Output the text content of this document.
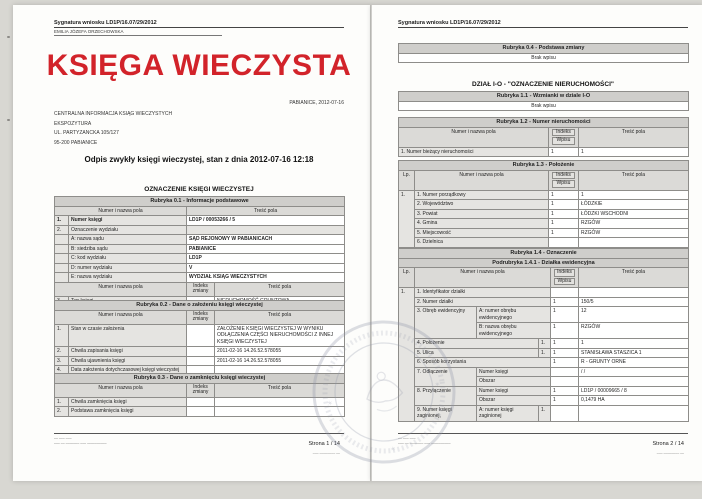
Sygnatura wniosku LD1P/16.07/29/2012
EMILIA JÓZEFA ORZECHOWSKA
KSIĘGA WIECZYSTA
PABIANICE, 2012-07-16
CENTRALNA INFORMACJA KSIĄG WIECZYSTYCH
EKSPOZYTURA
UL. PARTYZANCKA 105/127
95-200 PABIANICE
Odpis zwykły księgi wieczystej, stan z dnia 2012-07-16 12:18
OZNACZENIE KSIĘGI WIECZYSTEJ
Rubryka 0.1 - Informacje podstawowe			
Numer i nazwa pola		Treść pola	
1.	Numer księgi	LD1P / 00053266 / 5	
2.	Oznaczenie wydziału		
	A: nazwa sądu	SĄD REJONOWY W PABIANICACH	
	B: siedziba sądu	PABIANICE	
	C: kod wydziału	LD1P	
	D: numer wydziału	V	
	E: nazwa wydziału	WYDZIAŁ KSIĄG WIECZYSTYCH	
Numer i nazwa pola		Indeks
zmiany	Treść pola

Rubryka 0.2 - Dane o założeniu księgi wieczystej			
Numer i nazwa pola		Indeks
zmiany	Treść pola
1.	Stan w czasie założenia		ZAŁOŻENIE KSIĘGI WIECZYSTEJ W WYNIKU ODŁĄCZENIA CZĘŚCI NIERUCHOMOŚCI Z INNEJ KSIĘGI WIECZYSTEJ
2.	Chwila zapisania księgi		2011-02-16 14.26.52.578055
3.	Chwila ujawnienia księgi		2011-02-16 14.26.52.578055
4.	Data założenia dotychczasowej księgi wieczystej		
Rubryka 0.3 - Dane o zamknięciu księgi wieczystej			
Numer i nazwa pola		Indeks
zmiany	Treść pola
1.	Chwila zamknięcia księgi		
2.	Podstawa zamknięcia księgi		
–– ––– –––
––– –– ––––––– ––– ––––––––––	Strona 1 / 14
––– –––––––– ––
Sygnatura wniosku LD1P/16.07/29/2012
Rubryka 0.4 - Podstawa zmiany
Brak wpisu
DZIAŁ I-O - "OZNACZENIE NIERUCHOMOŚCI"
Rubryka 1.1 - Wzmianki w dziale I-O
Brak wpisu
Rubryka 1.2 - Numer nieruchomości		
Numer i nazwa pola	Indeks
Wpisu	Treść pola
1. Numer bieżący nieruchomości	1	1
Rubryka 1.3 - Położenie			
Lp.	Numer i nazwa pola	Indeks
Wpisu	Treść pola
1.	1. Numer porządkowy	1	1
	2. Województwo	1	ŁÓDZKIE
	3. Powiat	1	ŁÓDZKI WSCHODNI
	4. Gmina	1	RZGÓW
	5. Miejscowość	1	RZGÓW
	6. Dzielnica		
Rubryka 1.4 - Oznaczenie					
Podrubryka 1.4.1 - Działka ewidencyjna					
Lp.	Numer i nazwa pola			Indeks
Wpisu	Treść pola
1.	1. Identyfikator działki				
	2. Numer działki			1	150/5
	3. Obręb ewidencyjny	A: numer obrębu ewidencyjnego		1	12
		B: nazwa obrębu ewidencyjnego		1	RZGÓW
	4. Położenie		1.	1	1
	5. Ulica		1.	1	STANISŁAWA STASZICA 1
	6. Sposób korzystania			1	R - GRUNTY ORNE
	7. Odłączenie	Numer księgi			/ /
		Obszar			
	8. Przyłączenie	Numer księgi		1	LD1P / 00009665 / 8
		Obszar		1	0,1479 HA
	9. Numer księgi zaginionej,	A: numer księgi zaginionej	1.		
–– ––– –––
––– –– ––––––– ––– ––––––––––	Strona 2 / 14
––– –––––––– ––
✶
✶
✶
